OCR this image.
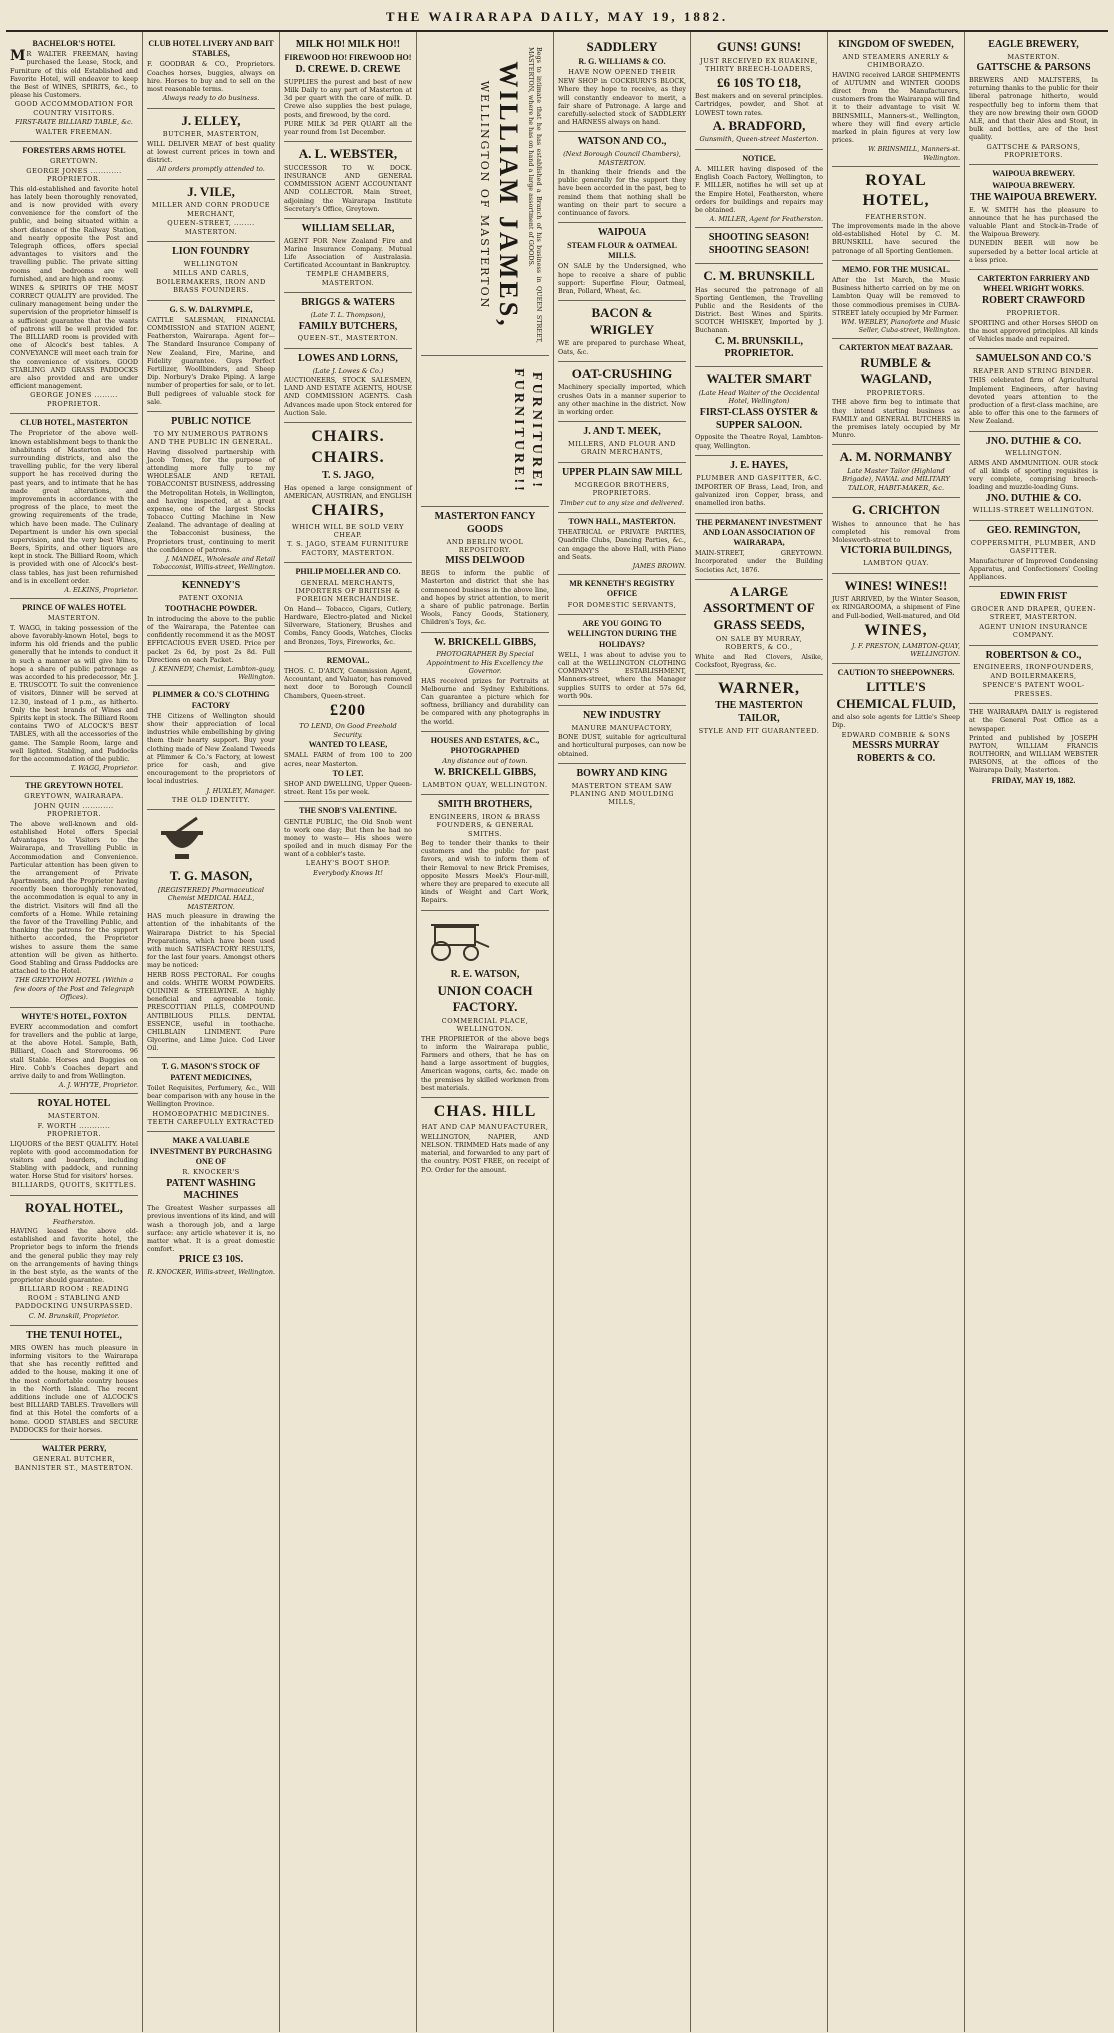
THE WAIRARAPA DAILY, MAY 19, 1882.
BACHELOR'S HOTEL

MR WALTER FREEMAN, having purchased the Lease, Stock, and Furniture of this old Established and Favorite Hotel, will endeavor to keep the Best of WINES, SPIRITS, &c., to please his Customers.

GOOD ACCOMMODATION FOR COUNTRY VISITORS.
FIRST-RATE BILLIARD TABLE, &c.
WALTER FREEMAN.
FORESTERS ARMS HOTEL
GREYTOWN.
GEORGE JONES ............ PROPRIETOR.

This old-established and favorite hotel has lately been thoroughly renovated, and is now provided with every convenience for the comfort of the public, and being situated within a short distance of the Railway Station, and nearly opposite the Post and Telegraph offices, offers special advantages to visitors and the travelling public. The private sitting rooms and bedrooms are well furnished, and are high and roomy.

WINES & SPIRITS OF THE MOST CORRECT QUALITY are provided. The culinary management being under the supervision of the proprietor himself is a sufficient guarantee that the wants of patrons will be well provided for. The BILLIARD room is provided with one of Alcock's best tables. A CONVEYANCE will meet each train for the convenience of visitors. GOOD STABLING AND GRASS PADDOCKS are also provided and are under efficient management.

GEORGE JONES ......... PROPRIETOR.
CLUB HOTEL, MASTERTON

The Proprietor of the above well-known establishment begs to thank the inhabitants of Masterton and the surrounding districts, and also the travelling public, for the very liberal support he has received during the past years, and to intimate that he has made great alterations, and improvements in accordance with the progress of the place, to meet the growing requirements of the trade, which have been made. The Culinary Department is under his own special supervision, and the very best Wines, Beers, Spirits, and other liquors are kept in stock. The Billiard Room, which is provided with one of Alcock's best-class tables, has just been refurnished and is in excellent order.

A. ELKINS, Proprietor.
PRINCE OF WALES HOTEL
MASTERTON.

T. WAGG, in taking possession of the above favorably-known Hotel, begs to inform his old friends and the public generally that he intends to conduct it in such a manner as will give him to hope a share of public patronage as was accorded to his predecessor, Mr. J. E. TRUSCOTT. To suit the convenience of visitors, Dinner will be served at 12.30, instead of 1 p.m., as hitherto. Only the best brands of Wines and Spirits kept in stock. The Billiard Room contains TWO of ALCOCK'S BEST TABLES, with all the accessories of the game. The Sample Room, large and well lighted. Stabling, and Paddocks for the accommodation of the public.

T. WAGG, Proprietor.
THE GREYTOWN HOTEL
GREYTOWN, WAIRARAPA.
JOHN QUIN ............ PROPRIETOR.

The above well-known and old-established Hotel offers Special Advantages to Visitors to the Wairarapa, and Travelling Public in Accommodation and Convenience. Particular attention has been given to the arrangement of Private Apartments, and the Proprietor having recently been thoroughly renovated, the accommodation is equal to any in the district. Visitors will find all the comforts of a Home. While retaining the favor of the Travelling Public, and thanking the patrons for the support hitherto accorded, the Proprietor wishes to assure them the same attention will be given as hitherto. Good Stabling and Grass Paddocks are attached to the Hotel.

THE GREYTOWN HOTEL (Within a few doors of the Post and Telegraph Offices).
WHYTE'S HOTEL, FOXTON

EVERY accommodation and comfort for travellers and the public at large, at the above Hotel. Sample, Bath, Billiard, Coach and Storerooms. 96 stall Stable. Horses and Buggies on Hire. Cobb's Coaches depart and arrive daily to and from Wellington.

A. J. WHYTE, Proprietor.
ROYAL HOTEL
MASTERTON.
F. WORTH ............ PROPRIETOR.

LIQUORS of the BEST QUALITY. Hotel replete with good accommodation for visitors and boarders, including Stabling with paddock, and running water. Horse Stud for visitors' horses.

BILLIARDS, QUOITS, SKITTLES.
ROYAL HOTEL,
Featherston.

HAVING leased the above old-established and favorite hotel, the Proprietor begs to inform the friends and the general public they may rely on the arrangements of having things in the best style, as the wants of the proprietor should guarantee.

BILLIARD ROOM : READING ROOM : STABLING AND PADDOCKING UNSURPASSED.
C. M. Brunskill, Proprietor.
THE TENUI HOTEL,

MRS OWEN has much pleasure in informing visitors to the Wairarapa that she has recently refitted and added to the house, making it one of the most comfortable country houses in the North Island. The recent additions include one of ALCOCK'S best BILLIARD TABLES. Travellers will find at this Hotel the comforts of a home. GOOD STABLES and SECURE PADDOCKS for their horses.

WALTER PERRY,
GENERAL BUTCHER, BANNISTER ST., MASTERTON.
CLUB HOTEL LIVERY AND BAIT STABLES,

F. GOODBAR & CO., Proprietors. Coaches horses, buggies, always on hire. Horses to buy and to sell on the most reasonable terms.

Always ready to do business.
J. ELLEY,
BUTCHER, MASTERTON,

WILL DELIVER MEAT of best quality at lowest current prices in town and district.

All orders promptly attended to.
J. VILE,
MILLER AND CORN PRODUCE MERCHANT,
QUEEN-STREET, ........ MASTERTON.
LION FOUNDRY
WELLINGTON
MILLS AND CARLS, BOILERMAKERS, IRON AND BRASS FOUNDERS.
G. S. W. DALRYMPLE,

CATTLE SALESMAN, FINANCIAL COMMISSION and STATION AGENT, Featherston, Wairarapa. Agent for—The Standard Insurance Company of New Zealand, Fire, Marine, and Fidelity guarantee. Guys Perfect Fertilizer, Woollbinders, and Sheep Dip. Norbury's Drake Piping. A large number of properties for sale, or to let. Bull pedigrees of valuable stock for sale.

PUBLIC NOTICE
TO MY NUMEROUS PATRONS AND THE PUBLIC IN GENERAL.

Having dissolved partnership with Jacob Tomes, for the purpose of attending more fully to my WHOLESALE AND RETAIL TOBACCONIST BUSINESS, addressing the Metropolitan Hotels, in Wellington, and having inspected, at a great expense, one of the largest Stocks Tobacco Cutting Machine in New Zealand. The advantage of dealing at the Tobacconist business, the Proprietors trust, continuing to merit the confidence of patrons.

J. MANDEL, Wholesale and Retail Tobacconist, Willis-street, Wellington.
KENNEDY'S
PATENT OXONIA
TOOTHACHE POWDER.

In introducing the above to the public of the Wairarapa, the Patentee can confidently recommend it as the MOST EFFICACIOUS EVER USED. Price per packet 2s 6d, by post 2s 8d. Full Directions on each Packet.

J. KENNEDY, Chemist, Lambton-quay, Wellington.
PLIMMER & CO.'S CLOTHING FACTORY

THE Citizens of Wellington should show their appreciation of local industries while embellishing by giving them their hearty support. Buy your clothing made of New Zealand Tweeds at Plimmer & Co.'s Factory, at lowest price for cash, and give encouragement to the proprietors of local industries.

J. HUXLEY, Manager.
THE OLD IDENTITY.
T. G. MASON,
[REGISTERED] Pharmaceutical Chemist MEDICAL HALL, MASTERTON.

HAS much pleasure in drawing the attention of the inhabitants of the Wairarapa District to his Special Preparations, which have been used with much SATISFACTORY RESULTS, for the last four years. Amongst others may be noticed:

HERB ROSS PECTORAL. For coughs and colds. WHITE WORM POWDERS. QUININE & STEELWINE. A highly beneficial and agreeable tonic. PRESCOTTIAN PILLS, COMPOUND ANTIBILIOUS PILLS. DENTAL ESSENCE, useful in toothache. CHILBLAIN LINIMENT. Pure Glycerine, and Lime Juice. Cod Liver Oil.

T. G. MASON'S STOCK OF PATENT MEDICINES,

Toilet Requisites, Perfumery, &c., Will bear comparison with any house in the Wellington Province.

HOMOEOPATHIC MEDICINES. TEETH CAREFULLY EXTRACTED
MAKE A VALUABLE INVESTMENT BY PURCHASING ONE OF
R. KNOCKER'S
PATENT WASHING MACHINES

The Greatest Washer surpasses all previous inventions of its kind, and will wash a thorough job, and a large surface: any article whatever it is, no matter what. It is a great domestic comfort.

PRICE £3 10S.
R. KNOCKER, Willis-street, Wellington.
MILK HO! MILK HO!!
FIREWOOD HO! FIREWOOD HO!
D. CREWE. D. CREWE

SUPPLIES the purest and best of new Milk Daily to any part of Masterton at 3d per quart with the care of milk. D. Crewe also supplies the best pulage, posts, and firewood, by the cord.

PURE MILK 3d PER QUART all the year round from 1st December.

A. L. WEBSTER,

SUCCESSOR TO W. DOCK. INSURANCE AND GENERAL COMMISSION AGENT ACCOUNTANT AND COLLECTOR. Main Street, adjoining the Wairarapa Institute Secretary's Office, Greytown.

WILLIAM SELLAR,

AGENT FOR New Zealand Fire and Marine Insurance Company. Mutual Life Association of Australasia. Certificated Accountant in Bankruptcy.

TEMPLE CHAMBERS, MASTERTON.
BRIGGS & WATERS
(Late T. L. Thompson),
FAMILY BUTCHERS,
QUEEN-ST., MASTERTON.
LOWES AND LORNS,
(Late J. Lowes & Co.)

AUCTIONEERS, STOCK SALESMEN, LAND AND ESTATE AGENTS, HOUSE AND COMMISSION AGENTS. Cash Advances made upon Stock entered for Auction Sale.

CHAIRS.
CHAIRS.
T. S. JAGO,

Has opened a large consignment of AMERICAN, AUSTRIAN, and ENGLISH

CHAIRS,
WHICH WILL BE SOLD VERY CHEAP.
T. S. JAGO, STEAM FURNITURE FACTORY, MASTERTON.
PHILIP MOELLER AND CO.
GENERAL MERCHANTS, IMPORTERS OF BRITISH & FOREIGN MERCHANDISE.

On Hand— Tobacco, Cigars, Cutlery, Hardware, Electro-plated and Nickel Silverware, Stationery, Brushes and Combs, Fancy Goods, Watches, Clocks and Bronzes, Toys, Fireworks, &c.

REMOVAL.

THOS. C. D'ARCY, Commission Agent, Accountant, and Valuator, has removed next door to Borough Council Chambers, Queen-street.

£200
TO LEND, On Good Freehold Security.
WANTED TO LEASE,

SMALL FARM of from 100 to 200 acres, near Masterton.

TO LET.

SHOP AND DWELLING, Upper Queen-street. Rent 15s per week.

THE SNOB'S VALENTINE.

GENTLE PUBLIC, the Old Snob went to work one day; But then he had no money to waste— His shoes were spoiled and in much dismay For the want of a cobbler's taste.

LEAHY'S BOOT SHOP.
Everybody Knows It!
Begs to intimate that he has established a Branch of his business in QUEEN STREET, MASTERTON, where he has on hand a large assortment of GOODS.
WILLIAM JAMES,
WELLINGTON OF MASTERTON
FURNITURE! FURNITURE!!
MASTERTON FANCY GOODS
AND BERLIN WOOL REPOSITORY.
MISS DELWOOD

BEGS to inform the public of Masterton and district that she has commenced business in the above line, and hopes by strict attention, to merit a share of public patronage. Berlin Wools, Fancy Goods, Stationery, Children's Toys, &c.

W. BRICKELL GIBBS,
PHOTOGRAPHER By Special Appointment to His Excellency the Governor.

HAS received prizes for Portraits at Melbourne and Sydney Exhibitions. Can guarantee a picture which for softness, brilliancy and durability can be compared with any photographs in the world.

HOUSES AND ESTATES, &C., PHOTOGRAPHED
Any distance out of town.
W. BRICKELL GIBBS,
LAMBTON QUAY, WELLINGTON.
SMITH BROTHERS,
ENGINEERS, IRON & BRASS FOUNDERS, & GENERAL SMITHS.

Beg to tender their thanks to their customers and the public for past favors, and wish to inform them of their Removal to new Brick Premises, opposite Messrs Meek's Flour-mill, where they are prepared to execute all kinds of Weight and Cart Work, Repairs.

R. E. WATSON,
UNION COACH FACTORY.
COMMERCIAL PLACE, WELLINGTON.

THE PROPRIETOR of the above begs to inform the Wairarapa public, Farmers and others, that he has on hand a large assortment of buggies, American wagons, carts, &c. made on the premises by skilled workmen from best materials.

CHAS. HILL
HAT AND CAP MANUFACTURER,

WELLINGTON, NAPIER, AND NELSON. TRIMMED Hats made of any material, and forwarded to any part of the country. POST FREE, on receipt of P.O. Order for the amount.

SADDLERY
R. G. WILLIAMS & CO.
HAVE NOW OPENED THEIR

NEW SHOP in COCKBURN'S BLOCK, Where they hope to receive, as they will constantly endeavor to merit, a fair share of Patronage. A large and carefully-selected stock of SADDLERY and HARNESS always on hand.

WATSON AND CO.,
(Next Borough Council Chambers), MASTERTON.

In thanking their friends and the public generally for the support they have been accorded in the past, beg to remind them that nothing shall be wanting on their part to secure a continuance of favors.

WAIPOUA
STEAM FLOUR & OATMEAL MILLS.

ON SALE by the Undersigned, who hope to receive a share of public support: Superfine Flour, Oatmeal, Bran, Pollard, Wheat, &c.

BACON & WRIGLEY

WE are prepared to purchase Wheat, Oats, &c.

OAT-CRUSHING

Machinery specially imported, which crushes Oats in a manner superior to any other machine in the district. Now in working order.

J. AND T. MEEK,
MILLERS, AND FLOUR AND GRAIN MERCHANTS,
UPPER PLAIN SAW MILL
MCGREGOR BROTHERS, PROPRIETORS.
Timber cut to any size and delivered.
TOWN HALL, MASTERTON.

THEATRICAL or PRIVATE PARTIES, Quadrille Clubs, Dancing Parties, &c., can engage the above Hall, with Piano and Seats.

JAMES BROWN.
MR KENNETH'S REGISTRY OFFICE
FOR DOMESTIC SERVANTS,
ARE YOU GOING TO WELLINGTON DURING THE HOLIDAYS?

WELL, I was about to advise you to call at the WELLINGTON CLOTHING COMPANY'S ESTABLISHMENT, Manners-street, where the Manager supplies SUITS to order at 57s 6d, worth 90s.

NEW INDUSTRY
MANURE MANUFACTORY,

BONE DUST, suitable for agricultural and horticultural purposes, can now be obtained.

BOWRY AND KING
MASTERTON STEAM SAW PLANING AND MOULDING MILLS,
GUNS! GUNS!
JUST RECEIVED EX RUAKINE, THIRTY BREECH-LOADERS,
£6 10S TO £18,

Best makers and on several principles. Cartridges, powder, and Shot at LOWEST town rates.

A. BRADFORD,
Gunsmith, Queen-street Masterton.
NOTICE.

A. MILLER having disposed of the English Coach Factory, Wellington, to F. MILLER, notifies he will set up at the Empire Hotel, Featherston, where orders for buildings and repairs may be obtained.

A. MILLER, Agent for Featherston.
SHOOTING SEASON! SHOOTING SEASON!
C. M. BRUNSKILL

Has secured the patronage of all Sporting Gentlemen, the Travelling Public and the Residents of the District. Best Wines and Spirits. SCOTCH WHISKEY, Imported by J. Buchanan.

C. M. BRUNSKILL, PROPRIETOR.
WALTER SMART
(Late Head Waiter of the Occidental Hotel, Wellington)
FIRST-CLASS OYSTER & SUPPER SALOON.

Opposite the Theatre Royal, Lambton-quay, Wellington.

J. E. HAYES,
PLUMBER AND GASFITTER, &C.

IMPORTER OF Brass, Lead, Iron, and galvanized iron Copper, brass, and enamelled iron baths.

THE PERMANENT INVESTMENT AND LOAN ASSOCIATION OF WAIRARAPA,

MAIN-STREET, GREYTOWN. Incorporated under the Building Societies Act, 1876.

A LARGE ASSORTMENT OF GRASS SEEDS,
ON SALE BY MURRAY, ROBERTS, & CO.,

White and Red Clovers, Alsike, Cocksfoot, Ryegrass, &c.

WARNER,
THE MASTERTON TAILOR,
STYLE AND FIT GUARANTEED.
KINGDOM OF SWEDEN,
AND STEAMERS ANERLY & CHIMBORAZO.

HAVING received LARGE SHIPMENTS of AUTUMN and WINTER GOODS direct from the Manufacturers, customers from the Wairarapa will find it to their advantage to visit W. BRINSMILL, Manners-st., Wellington, where they will find every article marked in plain figures at very low prices.

W. BRINSMILL, Manners-st. Wellington.
ROYAL HOTEL,
FEATHERSTON.

The improvements made in the above old-established Hotel by C. M. BRUNSKILL have secured the patronage of all Sporting Gentlemen.

MEMO. FOR THE MUSICAL.

After the 1st March, the Music Business hitherto carried on by me on Lambton Quay will be removed to those commodious premises in CUBA-STREET lately occupied by Mr Farmer.

WM. WEBLEY, Pianoforte and Music Seller, Cuba-street, Wellington.
CARTERTON MEAT BAZAAR.
RUMBLE & WAGLAND,
PROPRIETORS.

THE above firm beg to intimate that they intend starting business as FAMILY and GENERAL BUTCHERS in the premises lately occupied by Mr Munro.

A. M. NORMANBY
Late Master Tailor (Highland Brigade), NAVAL and MILITARY TAILOR, HABIT-MAKER, &c.
G. CRICHTON

Wishes to announce that he has completed his removal from Molesworth-street to

VICTORIA BUILDINGS,
LAMBTON QUAY.
WINES! WINES!!

JUST ARRIVED, by the Winter Season, ex RINGAROOMA, a shipment of Fine and Full-bodied, Well-matured, and Old

WINES,
J. F. PRESTON, LAMBTON-QUAY, WELLINGTON.
CAUTION TO SHEEPOWNERS.
LITTLE'S CHEMICAL FLUID,

and also sole agents for Little's Sheep Dip.

EDWARD COMBRIE & SONS
MESSRS MURRAY ROBERTS & CO.
EAGLE BREWERY,
MASTERTON.
GATTSCHE & PARSONS

BREWERS AND MALTSTERS, In returning thanks to the public for their liberal patronage hitherto, would respectfully beg to inform them that they are now brewing their own GOOD ALE, and that their Ales and Stout, in bulk and bottles, are of the best quality.

GATTSCHE & PARSONS, PROPRIETORS.
WAIPOUA BREWERY.
WAIPOUA BREWERY.
THE WAIPOUA BREWERY.

E. W. SMITH has the pleasure to announce that he has purchased the valuable Plant and Stock-in-Trade of the Waipoua Brewery.

DUNEDIN BEER will now be superseded by a better local article at a less price.

CARTERTON FARRIERY AND WHEEL WRIGHT WORKS.
ROBERT CRAWFORD
PROPRIETOR.

SPORTING and other Horses SHOD on the most approved principles. All kinds of Vehicles made and repaired.

SAMUELSON AND CO.'S
REAPER AND STRING BINDER.

THIS celebrated firm of Agricultural Implement Engineers, after having devoted years attention to the production of a first-class machine, are able to offer this one to the farmers of New Zealand.

JNO. DUTHIE & CO.
WELLINGTON.

ARMS AND AMMUNITION. OUR stock of all kinds of sporting requisites is very complete, comprising breech-loading and muzzle-loading Guns.

JNO. DUTHIE & CO.
WILLIS-STREET WELLINGTON.
GEO. REMINGTON,
COPPERSMITH, PLUMBER, AND GASFITTER.

Manufacturer of Improved Condensing Apparatus, and Confectioners' Cooling Appliances.

EDWIN FRIST
GROCER AND DRAPER, QUEEN-STREET, MASTERTON.
AGENT UNION INSURANCE COMPANY.
ROBERTSON & CO.,
ENGINEERS, IRONFOUNDERS, AND BOILERMAKERS,
SPENCE'S PATENT WOOL-PRESSES.

THE WAIRARAPA DAILY is registered at the General Post Office as a newspaper.

Printed and published by JOSEPH PAYTON, WILLIAM FRANCIS ROUTHORN, and WILLIAM WEBSTER PARSONS, at the offices of the Wairarapa Daily, Masterton.

FRIDAY, MAY 19, 1882.
